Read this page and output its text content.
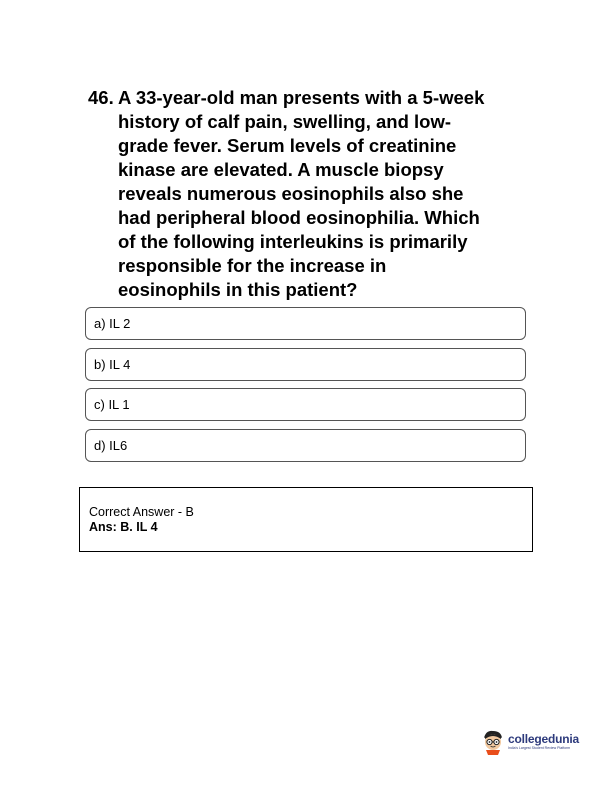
46. A 33-year-old man presents with a 5-week
history of calf pain, swelling, and low-
grade fever. Serum levels of creatinine
kinase are elevated. A muscle biopsy
reveals numerous eosinophils also she
had peripheral blood eosinophilia. Which
of the following interleukins is primarily
responsible for the increase in
eosinophils in this patient?
a) IL 2
b) IL 4
c) IL 1
d) IL6
Correct Answer - B
Ans: B. IL 4
collegedunia
India's Largest Student Review Platform
